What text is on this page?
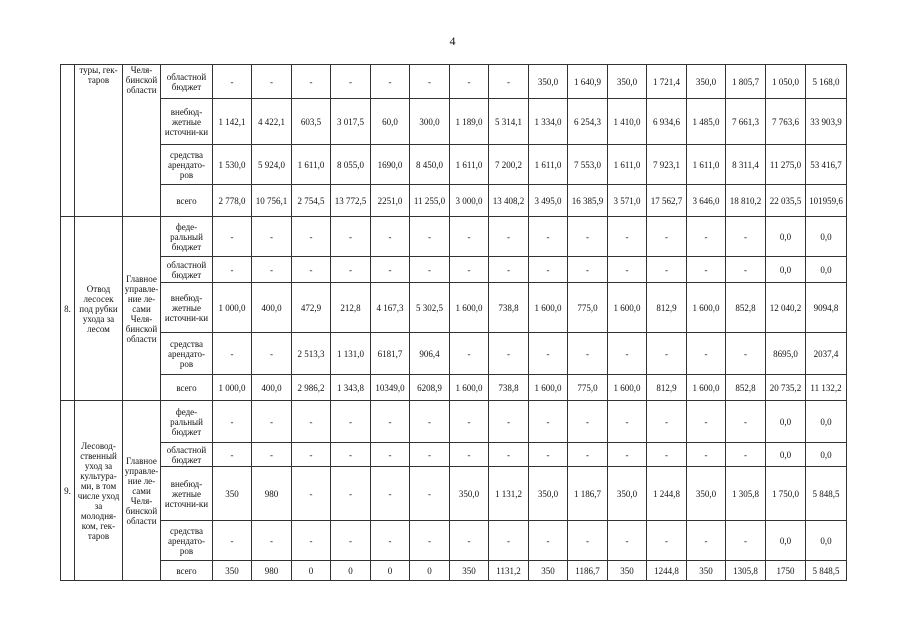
4
	туры, гек-таров	Челя-бинской области	областной бюджет	-	-	-	-	-	-	-	-	350,0	1 640,9	350,0	1 721,4	350,0	1 805,7	1 050,0	5 168,0
			внебюд-жетные источни-ки	1 142,1	4 422,1	603,5	3 017,5	60,0	300,0	1 189,0	5 314,1	1 334,0	6 254,3	1 410,0	6 934,6	1 485,0	7 661,3	7 763,6	33 903,9
			средства арендато-ров	1 530,0	5 924,0	1 611,0	8 055,0	1690,0	8 450,0	1 611,0	7 200,2	1 611,0	7 553,0	1 611,0	7 923,1	1 611,0	8 311,4	11 275,0	53 416,7
			всего	2 778,0	10 756,1	2 754,5	13 772,5	2251,0	11 255,0	3 000,0	13 408,2	3 495,0	16 385,9	3 571,0	17 562,7	3 646,0	18 810,2	22 035,5	101959,6
8.	Отвод лесосек под рубки ухода за лесом	Главное управле-ние ле-сами Челя-бинской области	феде-ральный бюджет	-	-	-	-	-	-	-	-	-	-	-	-	-	-	0,0	0,0
			областной бюджет	-	-	-	-	-	-	-	-	-	-	-	-	-	-	0,0	0,0
			внебюд-жетные источни-ки	1 000,0	400,0	472,9	212,8	4 167,3	5 302,5	1 600,0	738,8	1 600,0	775,0	1 600,0	812,9	1 600,0	852,8	12 040,2	9094,8
			средства арендато-ров	-	-	2 513,3	1 131,0	6181,7	906,4	-	-	-	-	-	-	-	-	8695,0	2037,4
			всего	1 000,0	400,0	2 986,2	1 343,8	10349,0	6208,9	1 600,0	738,8	1 600,0	775,0	1 600,0	812,9	1 600,0	852,8	20 735,2	11 132,2
9.	Лесовод-ственный уход за культура-ми, в том числе уход за молодня-ком, гек-таров	Главное управле-ние ле-сами Челя-бинской области	феде-ральный бюджет	-	-	-	-	-	-	-	-	-	-	-	-	-	-	0,0	0,0
			областной бюджет	-	-	-	-	-	-	-	-	-	-	-	-	-	-	0,0	0,0
			внебюд-жетные источни-ки	350	980	-	-	-	-	350,0	1 131,2	350,0	1 186,7	350,0	1 244,8	350,0	1 305,8	1 750,0	5 848,5
			средства арендато-ров	-	-	-	-	-	-	-	-	-	-	-	-	-	-	0,0	0,0
			всего	350	980	0	0	0	0	350	1131,2	350	1186,7	350	1244,8	350	1305,8	1750	5 848,5
